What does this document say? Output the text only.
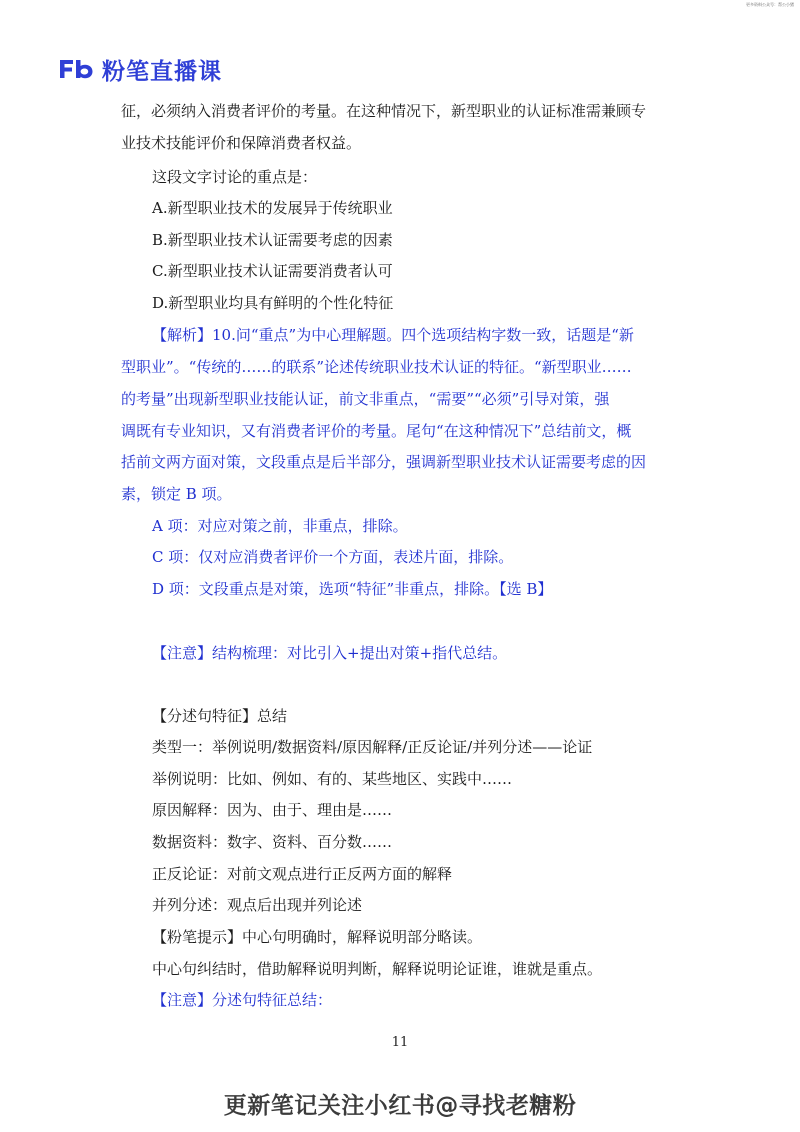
更多资料公众号：帮公小猪
粉笔直播课
征，必须纳入消费者评价的考量。在这种情况下，新型职业的认证标准需兼顾专
业技术技能评价和保障消费者权益。
这段文字讨论的重点是：
A.新型职业技术的发展异于传统职业
B.新型职业技术认证需要考虑的因素
C.新型职业技术认证需要消费者认可
D.新型职业均具有鲜明的个性化特征
【解析】10.问“重点”为中心理解题。四个选项结构字数一致，话题是“新
型职业”。“传统的……的联系”论述传统职业技术认证的特征。“新型职业……
的考量”出现新型职业技能认证，前文非重点，“需要”“必须”引导对策，强
调既有专业知识，又有消费者评价的考量。尾句“在这种情况下”总结前文，概
括前文两方面对策，文段重点是后半部分，强调新型职业技术认证需要考虑的因
素，锁定 B 项。
A 项：对应对策之前，非重点，排除。
C 项：仅对应消费者评价一个方面，表述片面，排除。
D 项：文段重点是对策，选项“特征”非重点，排除。【选 B】
【注意】结构梳理：对比引入+提出对策+指代总结。
【分述句特征】总结
类型一：举例说明/数据资料/原因解释/正反论证/并列分述——论证
举例说明：比如、例如、有的、某些地区、实践中……
原因解释：因为、由于、理由是……
数据资料：数字、资料、百分数……
正反论证：对前文观点进行正反两方面的解释
并列分述：观点后出现并列论述
【粉笔提示】中心句明确时，解释说明部分略读。
中心句纠结时，借助解释说明判断，解释说明论证谁，谁就是重点。
【注意】分述句特征总结：
11
更新笔记关注小红书@寻找老糖粉
